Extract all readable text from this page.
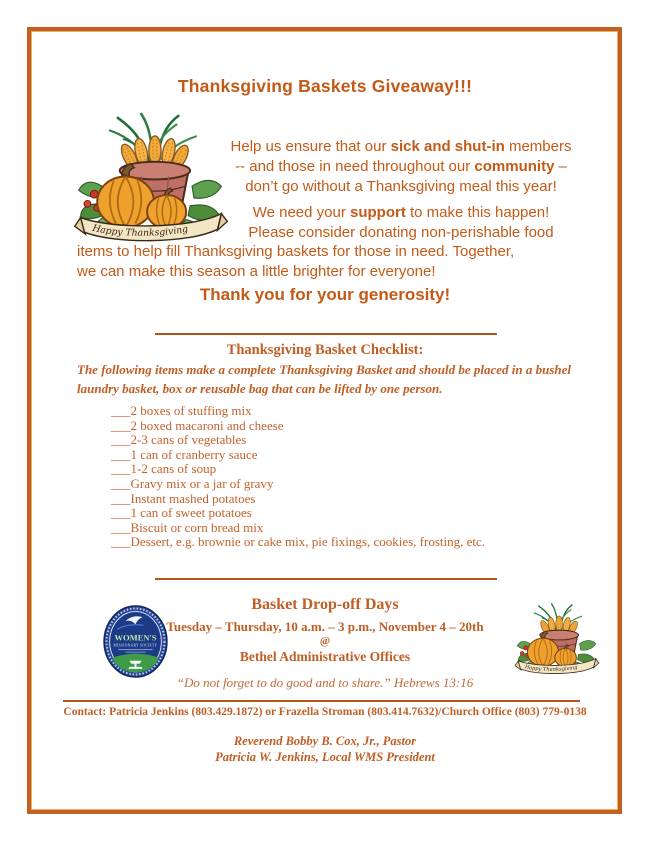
Thanksgiving Baskets Giveaway!!!
Help us ensure that our sick and shut-in members
-- and those in need throughout our community –
don’t go without a Thanksgiving meal this year!
We need your support to make this happen!
Please consider donating non-perishable food
items to help fill Thanksgiving baskets for those in need. Together,
we can make this season a little brighter for everyone!
Thank you for your generosity!
Thanksgiving Basket Checklist:
The following items make a complete Thanksgiving Basket and should be placed in a bushel
laundry basket, box or reusable bag that can be lifted by one person.
___2 boxes of stuffing mix
___2 boxed macaroni and cheese
___2-3 cans of vegetables
___1 can of cranberry sauce
___1-2 cans of soup
___Gravy mix or a jar of gravy
___Instant mashed potatoes
___1 can of sweet potatoes
___Biscuit or corn bread mix
___Dessert, e.g. brownie or cake mix, pie fixings, cookies, frosting, etc.
WOMEN'S
MISSIONARY SOCIETY
Basket Drop-off Days
Tuesday – Thursday, 10 a.m. – 3 p.m., November 4 – 20th
@
Bethel Administrative Offices
“Do not forget to do good and to share.” Hebrews 13:16
Contact: Patricia Jenkins (803.429.1872) or Frazella Stroman (803.414.7632)/Church Office (803) 779-0138
Reverend Bobby B. Cox, Jr., Pastor
Patricia W. Jenkins, Local WMS President
